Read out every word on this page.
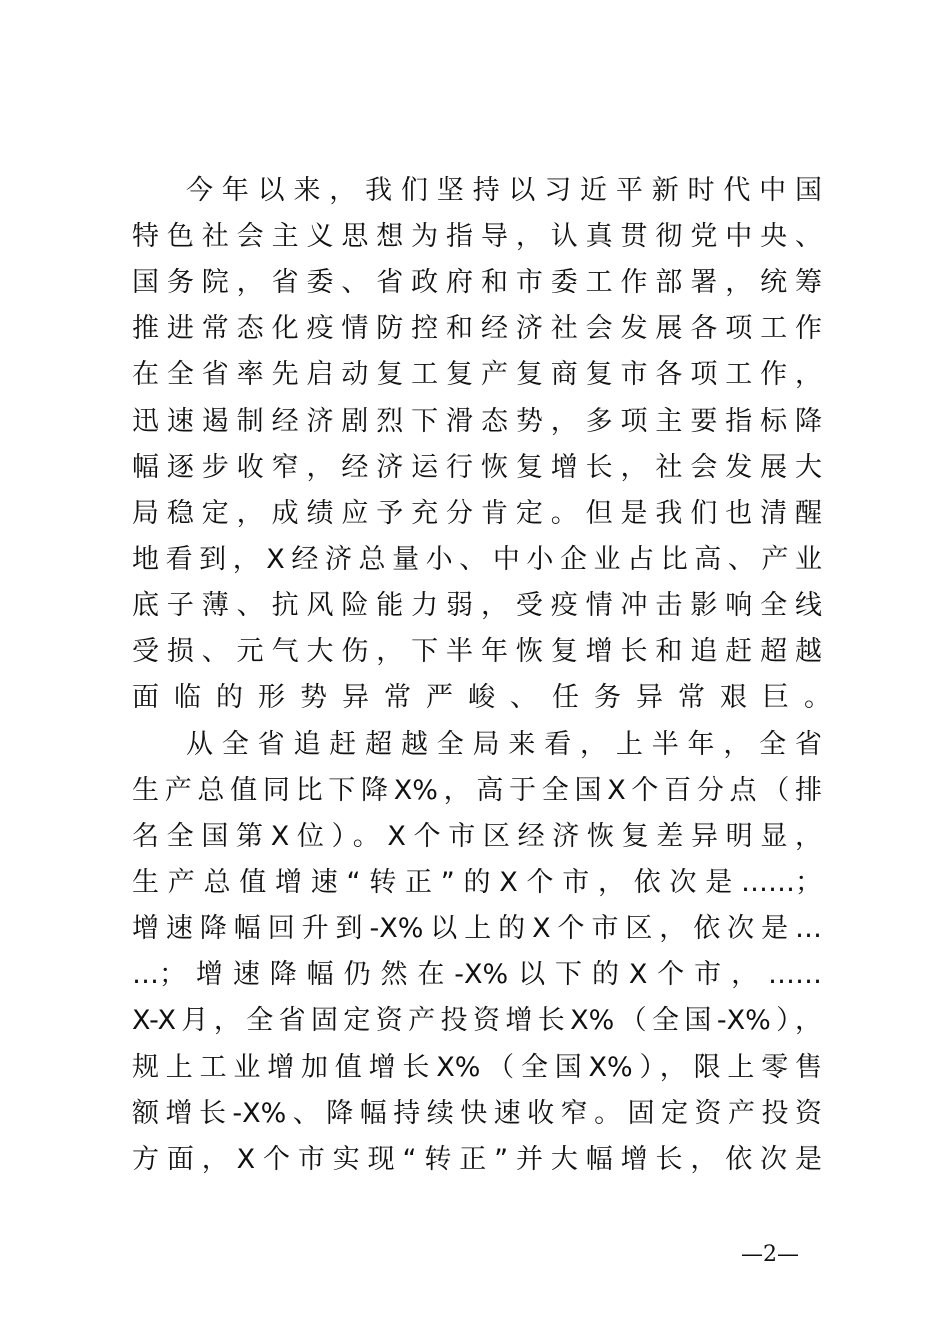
今年以来，我们坚持以习近平新时代中国
特色社会主义思想为指导，认真贯彻党中央、
国务院，省委、省政府和市委工作部署，统筹
推进常态化疫情防控和经济社会发展各项工作
在全省率先启动复工复产复商复市各项工作，
迅速遏制经济剧烈下滑态势，多项主要指标降
幅逐步收窄，经济运行恢复增长，社会发展大
局稳定，成绩应予充分肯定。但是我们也清醒
地看到，X经济总量小、中小企业占比高、产业
底子薄、抗风险能力弱，受疫情冲击影响全线
受损、元气大伤，下半年恢复增长和追赶超越
面临的形势异常严峻、任务异常艰巨。
从全省追赶超越全局来看，上半年，全省
生产总值同比下降X%，高于全国X个百分点（排
名全国第X位）。X个市区经济恢复差异明显，
生产总值增速“转正”的X个市，依次是……；
增速降幅回升到-X%以上的X个市区，依次是…
…；增速降幅仍然在-X%以下的X个市，……
X-X月，全省固定资产投资增长X%（全国-X%），
规上工业增加值增长X%（全国X%），限上零售
额增长-X%、降幅持续快速收窄。固定资产投资
方面，X个市实现“转正”并大幅增长，依次是
—2—
